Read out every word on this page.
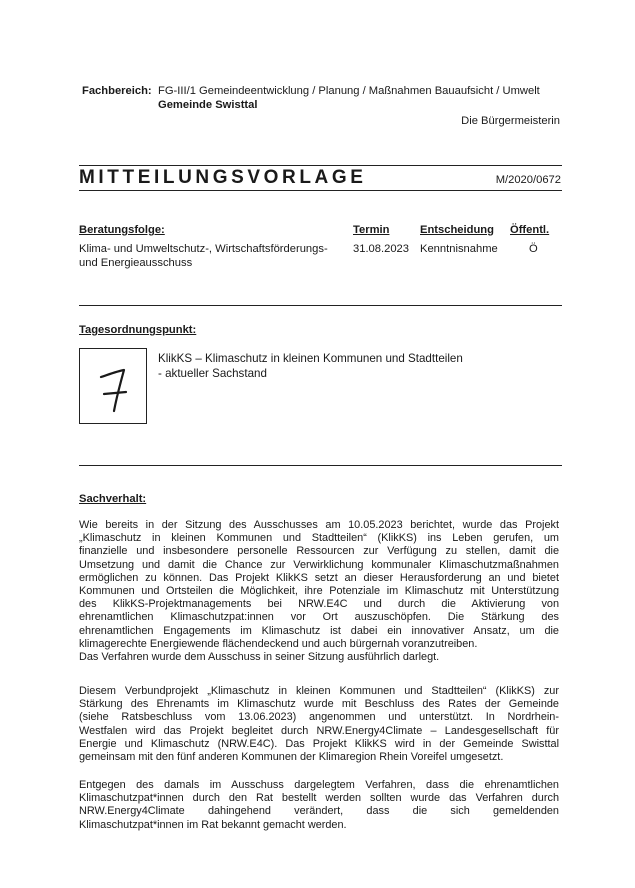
Fachbereich: FG-III/1 Gemeindeentwicklung / Planung / Maßnahmen Bauaufsicht / Umwelt
Gemeinde Swisttal
Die Bürgermeisterin
MITTEILUNGSVORLAGE	M/2020/0672
Beratungsfolge:	Termin	Entscheidung Öffentl.
Klima- und Umweltschutz-, Wirtschaftsförderungs-
und Energieausschuss
31.08.2023 Kenntnisnahme	Ö
Tagesordnungspunkt:
KlikKS – Klimaschutz in kleinen Kommunen und Stadtteilen
- aktueller Sachstand
Sachverhalt:
Wie bereits in der Sitzung des Ausschusses am 10.05.2023 berichtet, wurde das Projekt
„Klimaschutz in kleinen Kommunen und Stadtteilen“ (KlikKS) ins Leben gerufen, um
finanzielle und insbesondere personelle Ressourcen zur Verfügung zu stellen, damit die
Umsetzung und damit die Chance zur Verwirklichung kommunaler Klimaschutzmaßnahmen
ermöglichen zu können. Das Projekt KlikKS setzt an dieser Herausforderung an und bietet
Kommunen und Ortsteilen die Möglichkeit, ihre Potenziale im Klimaschutz mit Unterstützung
des KlikKS-Projektmanagements bei NRW.E4C und durch die Aktivierung von
ehrenamtlichen Klimaschutzpat:innen vor Ort auszuschöpfen. Die Stärkung des
ehrenamtlichen Engagements im Klimaschutz ist dabei ein innovativer Ansatz, um die
klimagerechte Energiewende flächendeckend und auch bürgernah voranzutreiben.
Das Verfahren wurde dem Ausschuss in seiner Sitzung ausführlich darlegt.
Diesem Verbundprojekt „Klimaschutz in kleinen Kommunen und Stadtteilen“ (KlikKS) zur
Stärkung des Ehrenamts im Klimaschutz wurde mit Beschluss des Rates der Gemeinde
(siehe Ratsbeschluss vom 13.06.2023) angenommen und unterstützt. In Nordrhein-
Westfalen wird das Projekt begleitet durch NRW.Energy4Climate – Landesgesellschaft für
Energie und Klimaschutz (NRW.E4C). Das Projekt KlikKS wird in der Gemeinde Swisttal
gemeinsam mit den fünf anderen Kommunen der Klimaregion Rhein Voreifel umgesetzt.
Entgegen des damals im Ausschuss dargelegtem Verfahren, dass die ehrenamtlichen
Klimaschutzpat*innen durch den Rat bestellt werden sollten wurde das Verfahren durch
NRW.Energy4Climate dahingehend verändert, dass die sich gemeldenden
Klimaschutzpat*innen im Rat bekannt gemacht werden.
